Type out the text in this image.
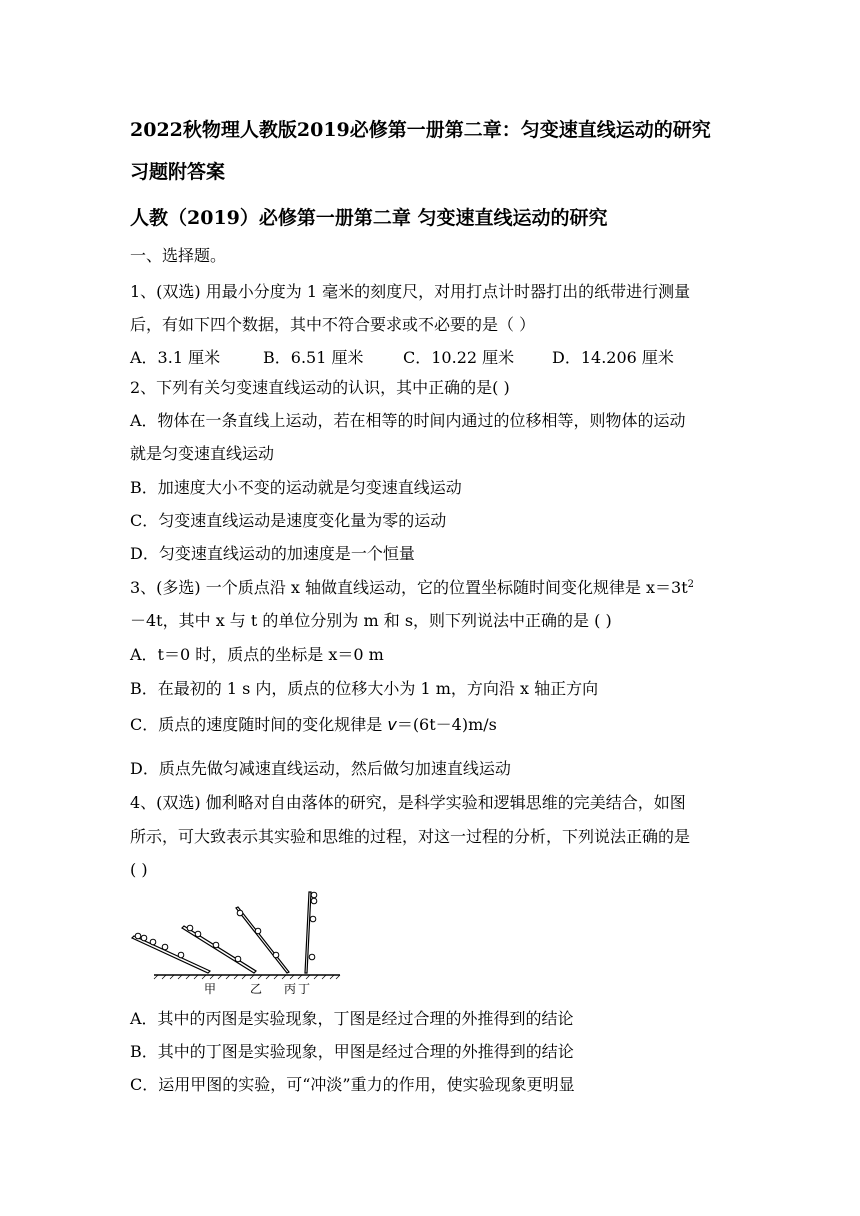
2022秋物理人教版2019必修第一册第二章：匀变速直线运动的研究
习题附答案
人教（2019）必修第一册第二章 匀变速直线运动的研究
一、选择题。
1、(双选) 用最小分度为 1 毫米的刻度尺，对用打点计时器打出的纸带进行测量
后，有如下四个数据，其中不符合要求或不必要的是（ ）
A．3.1 厘米	B．6.51 厘米 C．10.22 厘米 D．14.206 厘米
2、下列有关匀变速直线运动的认识，其中正确的是( )
A．物体在一条直线上运动，若在相等的时间内通过的位移相等，则物体的运动
就是匀变速直线运动
B．加速度大小不变的运动就是匀变速直线运动
C．匀变速直线运动是速度变化量为零的运动
D．匀变速直线运动的加速度是一个恒量
3、(多选) 一个质点沿 x 轴做直线运动，它的位置坐标随时间变化规律是 $x=3t^2$
－4t，其中 x 与 t 的单位分别为 m 和 s，则下列说法中正确的是 ( )
A．t＝0 时，质点的坐标是 x＝0 m
B．在最初的 1 s 内，质点的位移大小为 1 m，方向沿 x 轴正方向
C．质点的速度随时间的变化规律是 v＝(6t－4)m/s
D．质点先做匀减速直线运动，然后做匀加速直线运动
4、(双选) 伽利略对自由落体的研究，是科学实验和逻辑思维的完美结合，如图
所示，可大致表示其实验和思维的过程，对这一过程的分析，下列说法正确的是
( )
甲	乙 丙 丁
A．其中的丙图是实验现象，丁图是经过合理的外推得到的结论
B．其中的丁图是实验现象，甲图是经过合理的外推得到的结论
C．运用甲图的实验，可“冲淡”重力的作用，使实验现象更明显
